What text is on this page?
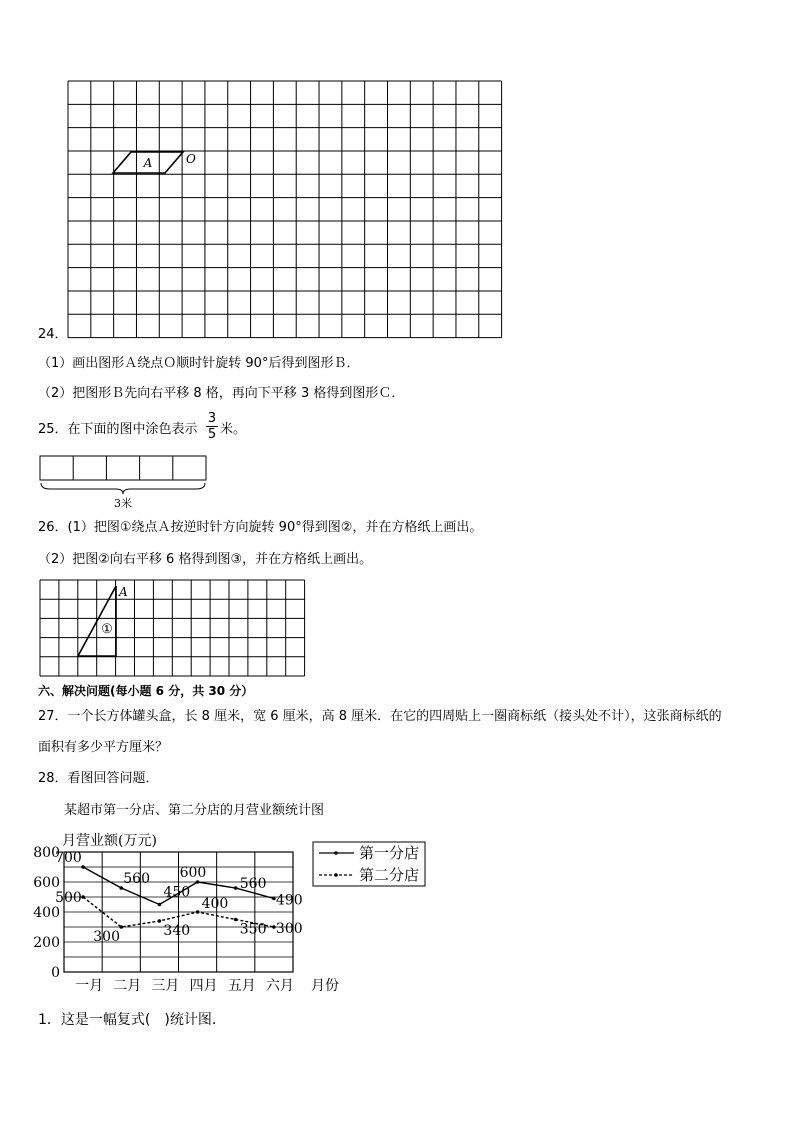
A	O
24．
（1）画出图形Ａ绕点Ｏ顺时针旋转 90°后得到图形Ｂ．
（2）把图形Ｂ先向右平移 8 格，再向下平移 3 格得到图形Ｃ．
25．在下面的图中涂色表示
3
5 米。
3米
26．(1）把图①绕点Ａ按逆时针方向旋转 90°得到图②，并在方格纸上画出。
（2）把图②向右平移 6 格得到图③，并在方格纸上画出。
A
①
六、解决问题(每小题 6 分，共 30 分）
27．一个长方体罐头盒，长 8 厘米，宽 6 厘米，高 8 厘米．在它的四周贴上一圈商标纸（接头处不计），这张商标纸的
面积有多少平方厘米？
28．看图回答问题．
某超市第一分店、第二分店的月营业额统计图
月营业额(万元)
0
200
400
600
800
一月 二月 三月 四月 五月 六月
700
560
450
600
560
490
500
300	340
400
350 300
第一分店
第二分店
月份
1．这是一幅复式(　)统计图．
